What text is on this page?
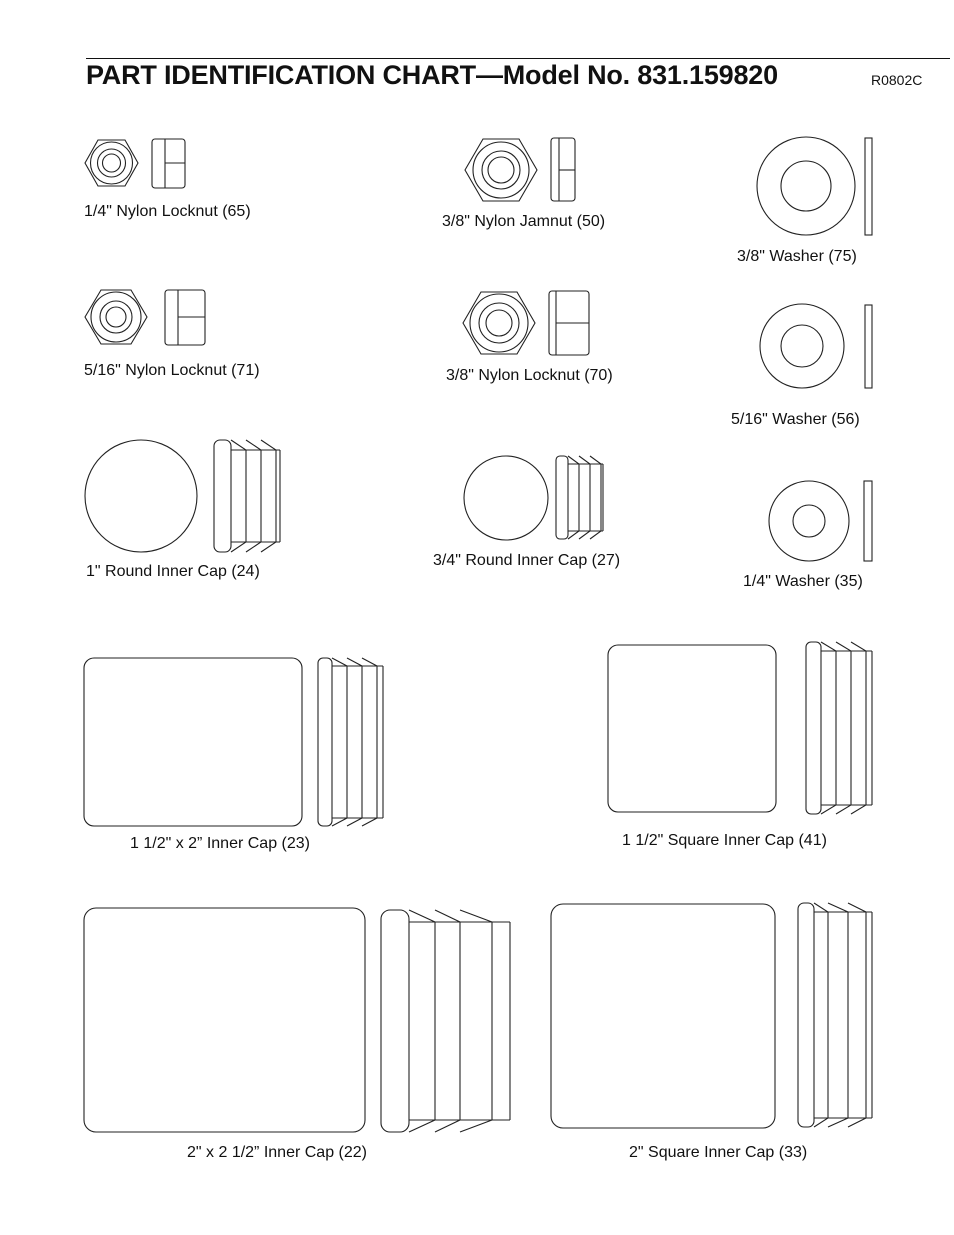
PART IDENTIFICATION CHART—Model No. 831.159820	R0802C
1/4" Nylon Locknut (65)
3/8" Nylon Jamnut (50)
3/8" Washer (75)
5/16" Nylon Locknut (71)	3/8" Nylon Locknut (70)
5/16" Washer (56)
1" Round Inner Cap (24)
3/4" Round Inner Cap (27)
1/4" Washer (35)
1 1/2" x 2” Inner Cap (23)	1 1/2" Square Inner Cap (41)
2" x 2 1/2” Inner Cap (22)	2" Square Inner Cap (33)
